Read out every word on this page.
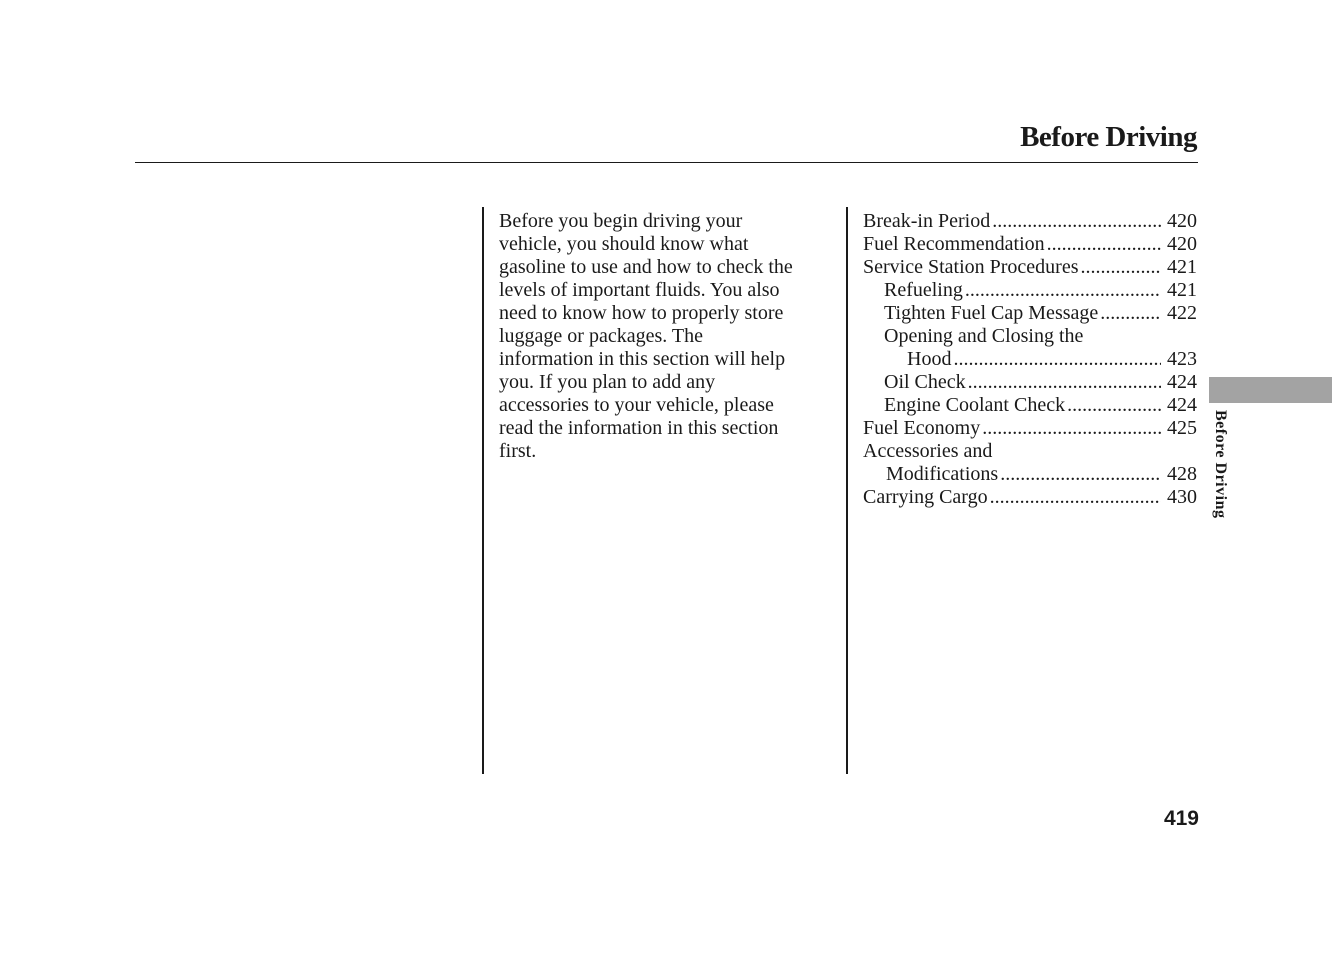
Before Driving
Before you begin driving your
vehicle, you should know what
gasoline to use and how to check the
levels of important fluids. You also
need to know how to properly store
luggage or packages. The
information in this section will help
you. If you plan to add any
accessories to your vehicle, please
read the information in this section
first.
Break-in Period .....	420
Fuel Recommendation .....	420
Service Station Procedures .....	421
Refueling .....	421
Tighten Fuel Cap Message .....	422
Opening and Closing the
Hood .....	423
Oil Check .....	424
Engine Coolant Check .....	424
Fuel Economy .....	425
Accessories and
Modifications .....	428
Carrying Cargo .....	430 Before Driving

419
